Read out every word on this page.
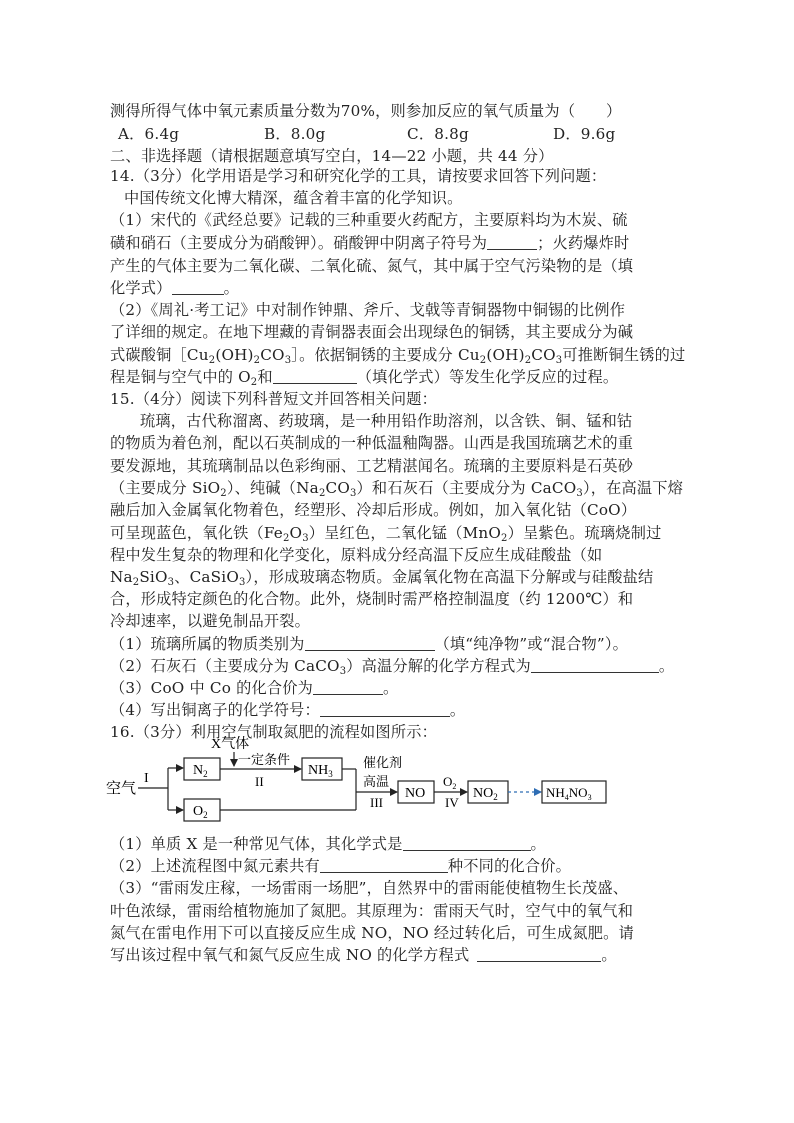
测得所得气体中氧元素质量分数为70%，则参加反应的氧气质量为（　　）
A．6.4g	B．8.0g	C．8.8g	D．9.6g
二、非选择题（请根据题意填写空白，14—22 小题，共 44 分）
14.（3分）化学用语是学习和研究化学的工具，请按要求回答下列问题：
中国传统文化博大精深，蕴含着丰富的化学知识。
（1）宋代的《武经总要》记载的三种重要火药配方，主要原料均为木炭、硫
磺和硝石（主要成分为硝酸钾）。硝酸钾中阴离子符号为	；火药爆炸时
产生的气体主要为二氧化碳、二氧化硫、氮气，其中属于空气污染物的是（填
化学式）	。
（2）《周礼·考工记》中对制作钟鼎、斧斤、戈戟等青铜器物中铜锡的比例作
了详细的规定。在地下埋藏的青铜器表面会出现绿色的铜锈，其主要成分为碱
式碳酸铜$[Cu_2(OH)_2CO_3]$。依据铜锈的主要成分 $Cu_2(OH)_2CO_3$可推断铜生锈的过
程是铜与空气中的 $O_2$和	（填化学式）等发生化学反应的过程。
15.（4分）阅读下列科普短文并回答相关问题：
琉璃，古代称溜离、药玻璃，是一种用铅作助溶剂，以含铁、铜、锰和钴
的物质为着色剂，配以石英制成的一种低温釉陶器。山西是我国琉璃艺术的重
要发源地，其琉璃制品以色彩绚丽、工艺精湛闻名。琉璃的主要原料是石英砂
（主要成分 SiO$_2$）、纯碱$(Na_2CO_3)$和石灰石（主要成分为 CaCO$_3$），在高温下熔
融后加入金属氧化物着色，经塑形、冷却后形成。例如，加入氧化钴（CoO）
可呈现蓝色，氧化铁$(Fe_2O_3)$呈红色，二氧化锰（MnO$_2$）呈紫色。琉璃烧制过
程中发生复杂的物理和化学变化，原料成分经高温下反应生成硅酸盐（如
$Na_2SiO_3$、CaSiO$_3$），形成玻璃态物质。金属氧化物在高温下分解或与硅酸盐结
合，形成特定颜色的化合物。此外，烧制时需严格控制温度（约 1200℃）和
冷却速率，以避免制品开裂。
（1）琉璃所属的物质类别为	（填“纯净物”或“混合物”）。
（2）石灰石（主要成分为 CaCO$_3$）高温分解的化学方程式为	。
（3）CoO 中 Co 的化合价为	。
（4）写出铜离子的化学符号：	。
16.（3分）利用空气制取氮肥的流程如图所示：
空气
I
$N_2$
$O_2$
X气体
一定条件
II
$NH_3$
催化剂
高温
III
NO
$O_2$
IV
$NO_2$	$NH_4NO_3$
（1）单质 X 是一种常见气体，其化学式是	。
（2）上述流程图中氮元素共有	种不同的化合价。
（3）“雷雨发庄稼，一场雷雨一场肥”，自然界中的雷雨能使植物生长茂盛、
叶色浓绿，雷雨给植物施加了氮肥。其原理为：雷雨天气时，空气中的氧气和
氮气在雷电作用下可以直接反应生成 NO，NO 经过转化后，可生成氮肥。请
写出该过程中氧气和氮气反应生成 NO 的化学方程式	。
